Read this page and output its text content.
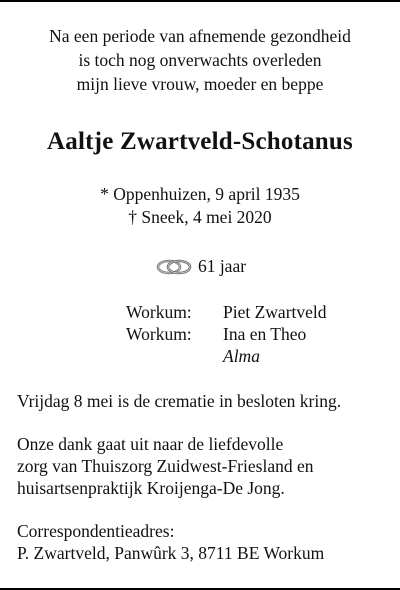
Na een periode van afnemende gezondheid
is toch nog onverwachts overleden
mijn lieve vrouw, moeder en beppe
Aaltje Zwartveld-Schotanus
* Oppenhuizen, 9 april 1935
† Sneek, 4 mei 2020
61 jaar
Workum:	Piet Zwartveld
Workum:	Ina en Theo
Alma
Vrijdag 8 mei is de crematie in besloten kring.
Onze dank gaat uit naar de liefdevolle
zorg van Thuiszorg Zuidwest-Friesland en
huisartsenpraktijk Kroijenga-De Jong.
Correspondentieadres:
P. Zwartveld, Panwûrk 3, 8711 BE Workum
